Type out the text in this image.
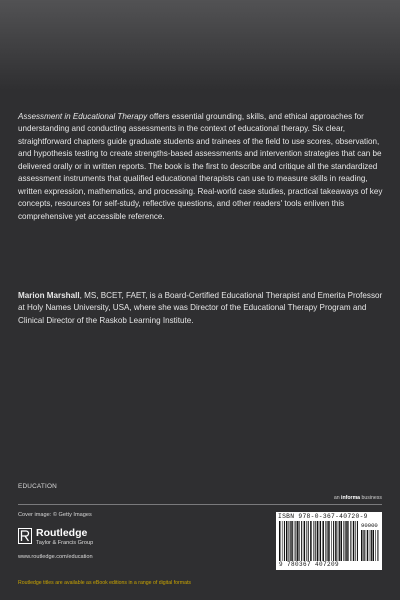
Assessment in Educational Therapy offers essential grounding, skills, and ethical approaches for understanding and conducting assessments in the context of educational therapy. Six clear, straightforward chapters guide graduate students and trainees of the field to use scores, observation, and hypothesis testing to create strengths-based assessments and intervention strategies that can be delivered orally or in written reports. The book is the first to describe and critique all the standardized assessment instruments that qualified educational therapists can use to measure skills in reading, written expression, mathematics, and processing. Real-world case studies, practical takeaways of key concepts, resources for self-study, reflective questions, and other readers' tools enliven this comprehensive yet accessible reference.

Marion Marshall, MS, BCET, FAET, is a Board-Certified Educational Therapist and Emerita Professor at Holy Names University, USA, where she was Director of the Educational Therapy Program and Clinical Director of the Raskob Learning Institute.

EDUCATION
an informa business
Cover image: © Getty Images
Routledge
Taylor & Francis Group
www.routledge.com/education
Routledge titles are available as eBook editions in a range of digital formats
ISBN 978-0-367-40720-9
90000
9 780367 407209
